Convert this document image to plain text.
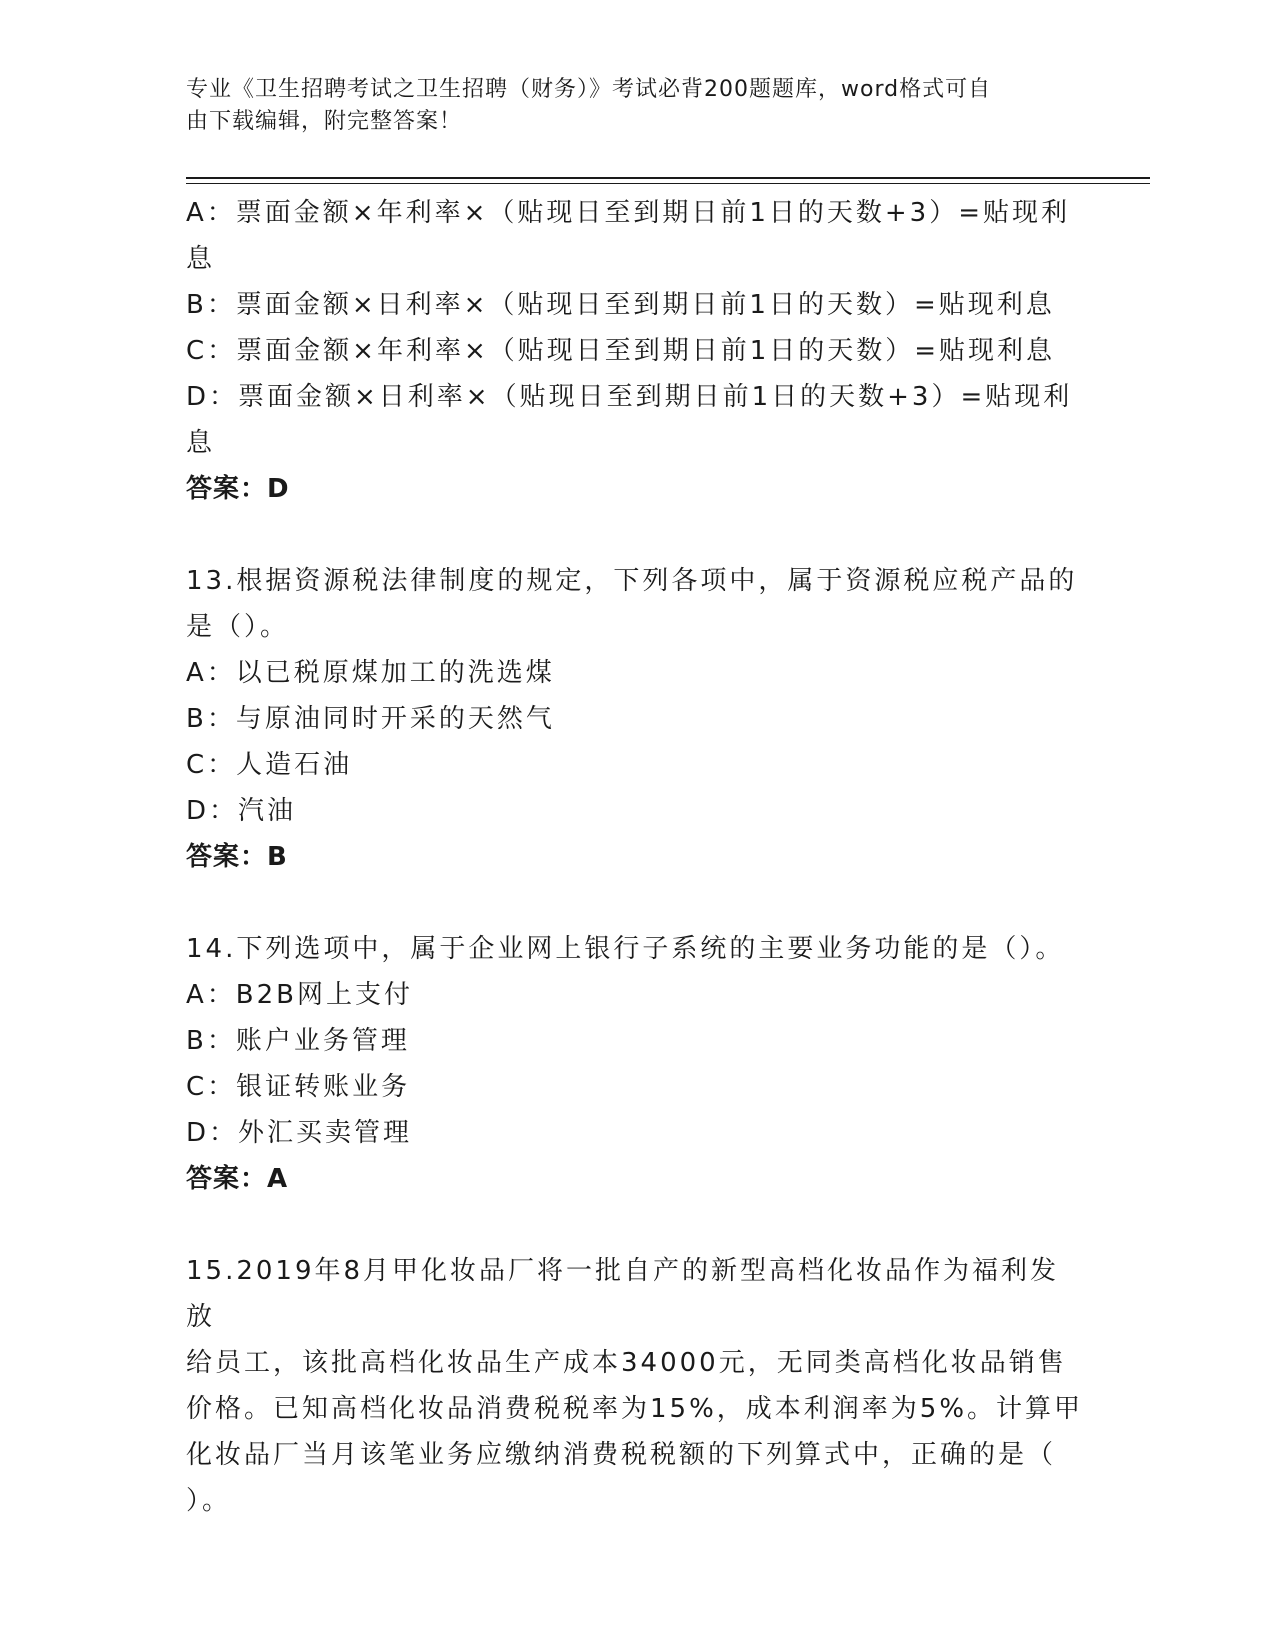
专业《卫生招聘考试之卫生招聘（财务）》考试必背200题题库，word格式可自
由下载编辑，附完整答案！

A：票面金额×年利率×（贴现日至到期日前1日的天数+3）=贴现利

息

B：票面金额×日利率×（贴现日至到期日前1日的天数）=贴现利息

C：票面金额×年利率×（贴现日至到期日前1日的天数）=贴现利息

D：票面金额×日利率×（贴现日至到期日前1日的天数+3）=贴现利

息

答案：D

13.根据资源税法律制度的规定，下列各项中，属于资源税应税产品的

是（）。

A：以已税原煤加工的洗选煤

B：与原油同时开采的天然气

C：人造石油

D：汽油

答案：B

14.下列选项中，属于企业网上银行子系统的主要业务功能的是（）。

A：B2B网上支付

B：账户业务管理

C：银证转账业务

D：外汇买卖管理

答案：A

15.2019年8月甲化妆品厂将一批自产的新型高档化妆品作为福利发放

给员工，该批高档化妆品生产成本34000元，无同类高档化妆品销售

价格。已知高档化妆品消费税税率为15%，成本利润率为5%。计算甲

化妆品厂当月该笔业务应缴纳消费税税额的下列算式中，正确的是（

）。
